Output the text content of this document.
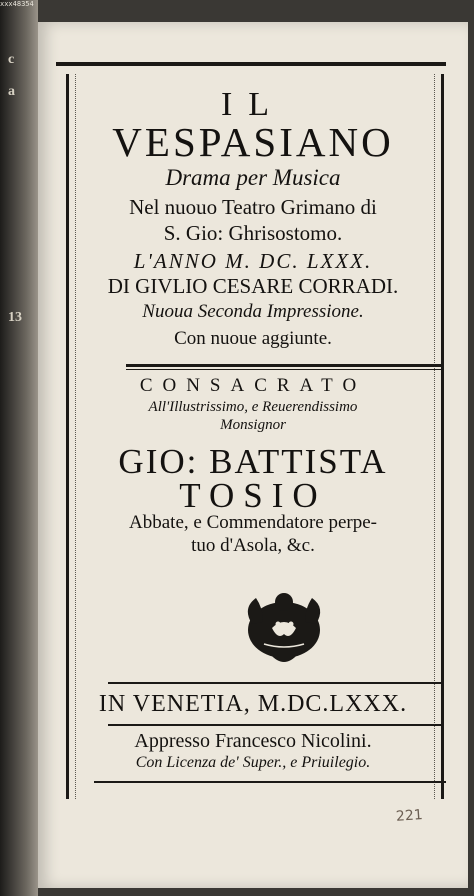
xxx48354
c
a
13
IL
VESPASIANO
Drama per Musica
Nel nuouo Teatro Grimano di
S. Gio: Ghrisostomo.
L'ANNO M. DC. LXXX.
DI GIVLIO CESARE CORRADI.
Nuoua Seconda Impressione.
Con nuoue aggiunte.
CONSACRATO
All'Illustrissimo, e Reuerendissimo
Monsignor
GIO: BATTISTA
TOSIO
Abbate, e Commendatore perpe-
tuo d'Asola, &c.
IN VENETIA, M.DC.LXXX.
Appresso Francesco Nicolini.
Con Licenza de' Super., e Priuilegio.
221
